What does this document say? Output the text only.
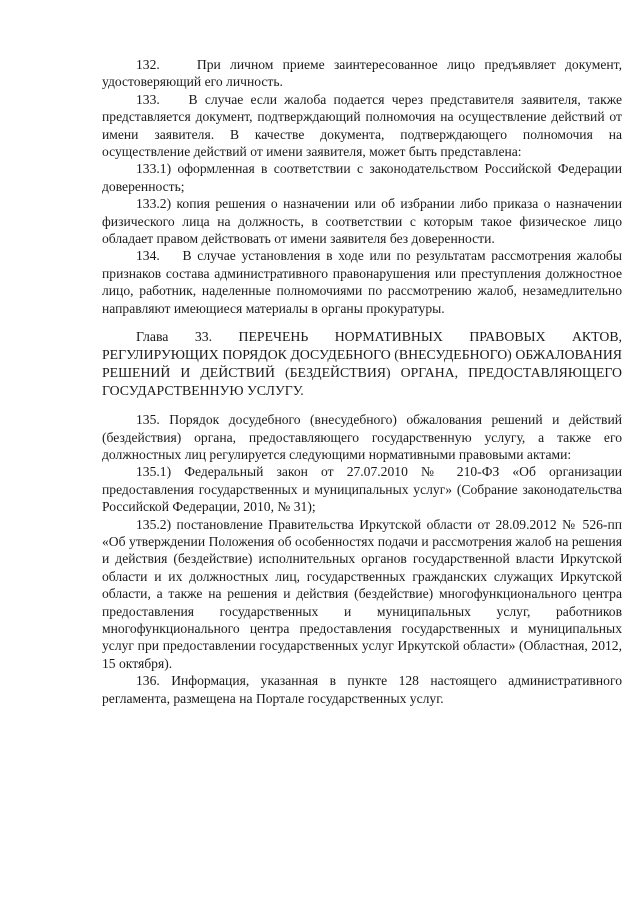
132.    При личном приеме заинтересованное лицо предъявляет документ, удостоверяющий его личность.

133.    В случае если жалоба подается через представителя заявителя, также представляется документ, подтверждающий полномочия на осуществление действий от имени заявителя. В качестве документа, подтверждающего полномочия на осуществление действий от имени заявителя, может быть представлена:

133.1) оформленная в соответствии с законодательством Российской Федерации доверенность;

133.2) копия решения о назначении или об избрании либо приказа о назначении физического лица на должность, в соответствии с которым такое физическое лицо обладает правом действовать от имени заявителя без доверенности.

134.    В случае установления в ходе или по результатам рассмотрения жалобы признаков состава административного правонарушения или преступления должностное лицо, работник, наделенные полномочиями по рассмотрению жалоб, незамедлительно направляют имеющиеся материалы в органы прокуратуры.

Глава 33. ПЕРЕЧЕНЬ НОРМАТИВНЫХ ПРАВОВЫХ АКТОВ, РЕГУЛИРУЮЩИХ ПОРЯДОК ДОСУДЕБНОГО (ВНЕСУДЕБНОГО) ОБЖАЛОВАНИЯ РЕШЕНИЙ И ДЕЙСТВИЙ (БЕЗДЕЙСТВИЯ) ОРГАНА, ПРЕДОСТАВЛЯЮЩЕГО ГОСУДАРСТВЕННУЮ УСЛУГУ.

135. Порядок досудебного (внесудебного) обжалования решений и действий (бездействия) органа, предоставляющего государственную услугу, а также его должностных лиц регулируется следующими нормативными правовыми актами:

135.1) Федеральный закон от 27.07.2010 № 210-ФЗ «Об организации предоставления государственных и муниципальных услуг» (Собрание законодательства Российской Федерации, 2010, № 31);

135.2) постановление Правительства Иркутской области от 28.09.2012 № 526-пп «Об утверждении Положения об особенностях подачи и рассмотрения жалоб на решения и действия (бездействие) исполнительных органов государственной власти Иркутской области и их должностных лиц, государственных гражданских служащих Иркутской области, а также на решения и действия (бездействие) многофункционального центра предоставления государственных и муниципальных услуг, работников многофункционального центра предоставления государственных и муниципальных услуг при предоставлении государственных услуг Иркутской области» (Областная, 2012, 15 октября).

136. Информация, указанная в пункте 128 настоящего административного регламента, размещена на Портале государственных услуг.
